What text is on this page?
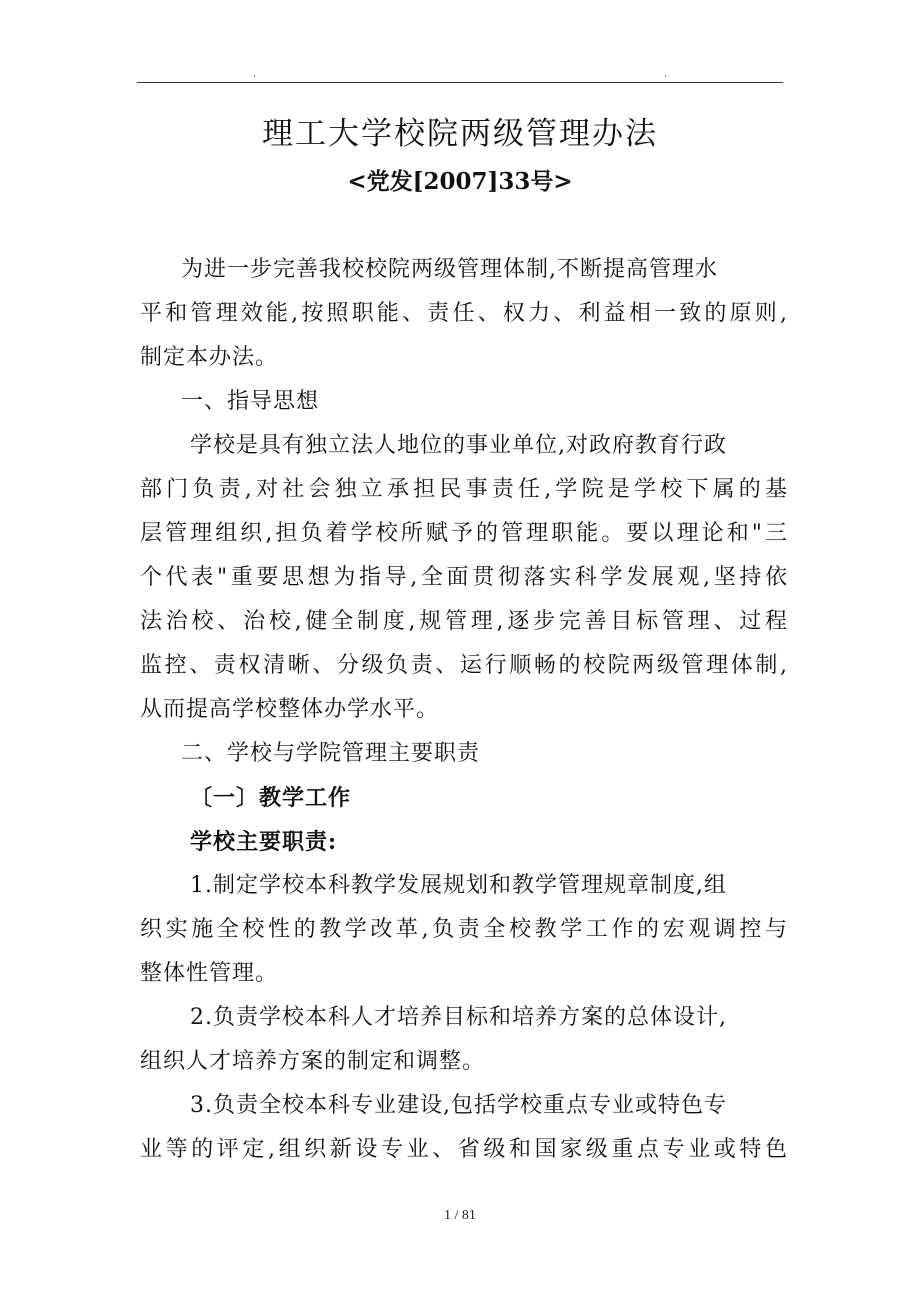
.	.
理工大学校院两级管理办法
<党发[2007]33号>
为进一步完善我校校院两级管理体制,不断提高管理水
平和管理效能,按照职能、责任、权力、利益相一致的原则,
制定本办法。
一、指导思想
学校是具有独立法人地位的事业单位,对政府教育行政
部门负责,对社会独立承担民事责任,学院是学校下属的基
层管理组织,担负着学校所赋予的管理职能。要以理论和"三
个代表"重要思想为指导,全面贯彻落实科学发展观,坚持依
法治校、治校,健全制度,规管理,逐步完善目标管理、过程
监控、责权清晰、分级负责、运行顺畅的校院两级管理体制,
从而提高学校整体办学水平。
二、学校与学院管理主要职责
〔一〕教学工作
学校主要职责:
1.制定学校本科教学发展规划和教学管理规章制度,组
织实施全校性的教学改革,负责全校教学工作的宏观调控与
整体性管理。
2.负责学校本科人才培养目标和培养方案的总体设计,
组织人才培养方案的制定和调整。
3.负责全校本科专业建设,包括学校重点专业或特色专
业等的评定,组织新设专业、省级和国家级重点专业或特色
1 / 81
